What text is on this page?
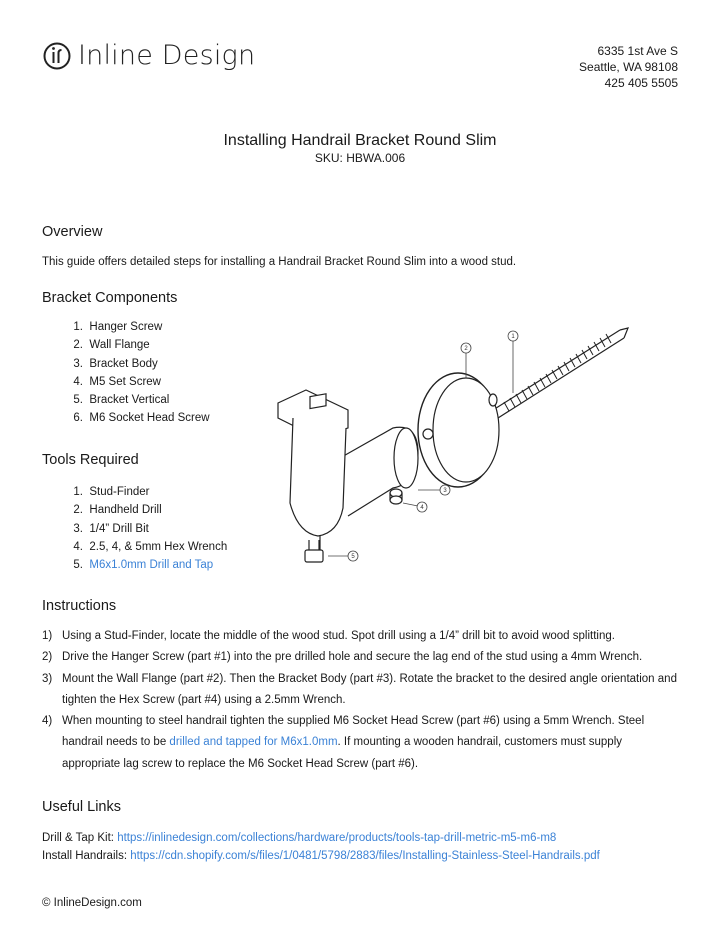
Inline Design	6335 1st Ave S
Seattle, WA 98108
425 405 5505
Installing Handrail Bracket Round Slim
SKU: HBWA.006
Overview
This guide offers detailed steps for installing a Handrail Bracket Round Slim into a wood stud.
Bracket Components
1. Hanger Screw
2. Wall Flange
3. Bracket Body
4. M5 Set Screw
5. Bracket Vertical
6. M6 Socket Head Screw
Tools Required
1. Stud-Finder
2. Handheld Drill
3. 1/4” Drill Bit
4. 2.5, 4, & 5mm Hex Wrench
5. M6x1.0mm Drill and Tap
1
2
3
4
5
Instructions
1) Using a Stud-Finder, locate the middle of the wood stud. Spot drill using a 1/4” drill bit to avoid wood splitting.
2) Drive the Hanger Screw (part #1) into the pre drilled hole and secure the lag end of the stud using a 4mm Wrench.
3) Mount the Wall Flange (part #2). Then the Bracket Body (part #3). Rotate the bracket to the desired angle orientation and tighten the Hex Screw (part #4) using a 2.5mm Wrench.
4) When mounting to steel handrail tighten the supplied M6 Socket Head Screw (part #6) using a 5mm Wrench. Steel handrail needs to be drilled and tapped for M6x1.0mm. If mounting a wooden handrail, customers must supply appropriate lag screw to replace the M6 Socket Head Screw (part #6).
Useful Links
Drill & Tap Kit: https://inlinedesign.com/collections/hardware/products/tools-tap-drill-metric-m5-m6-m8
Install Handrails: https://cdn.shopify.com/s/files/1/0481/5798/2883/files/Installing-Stainless-Steel-Handrails.pdf
© InlineDesign.com
